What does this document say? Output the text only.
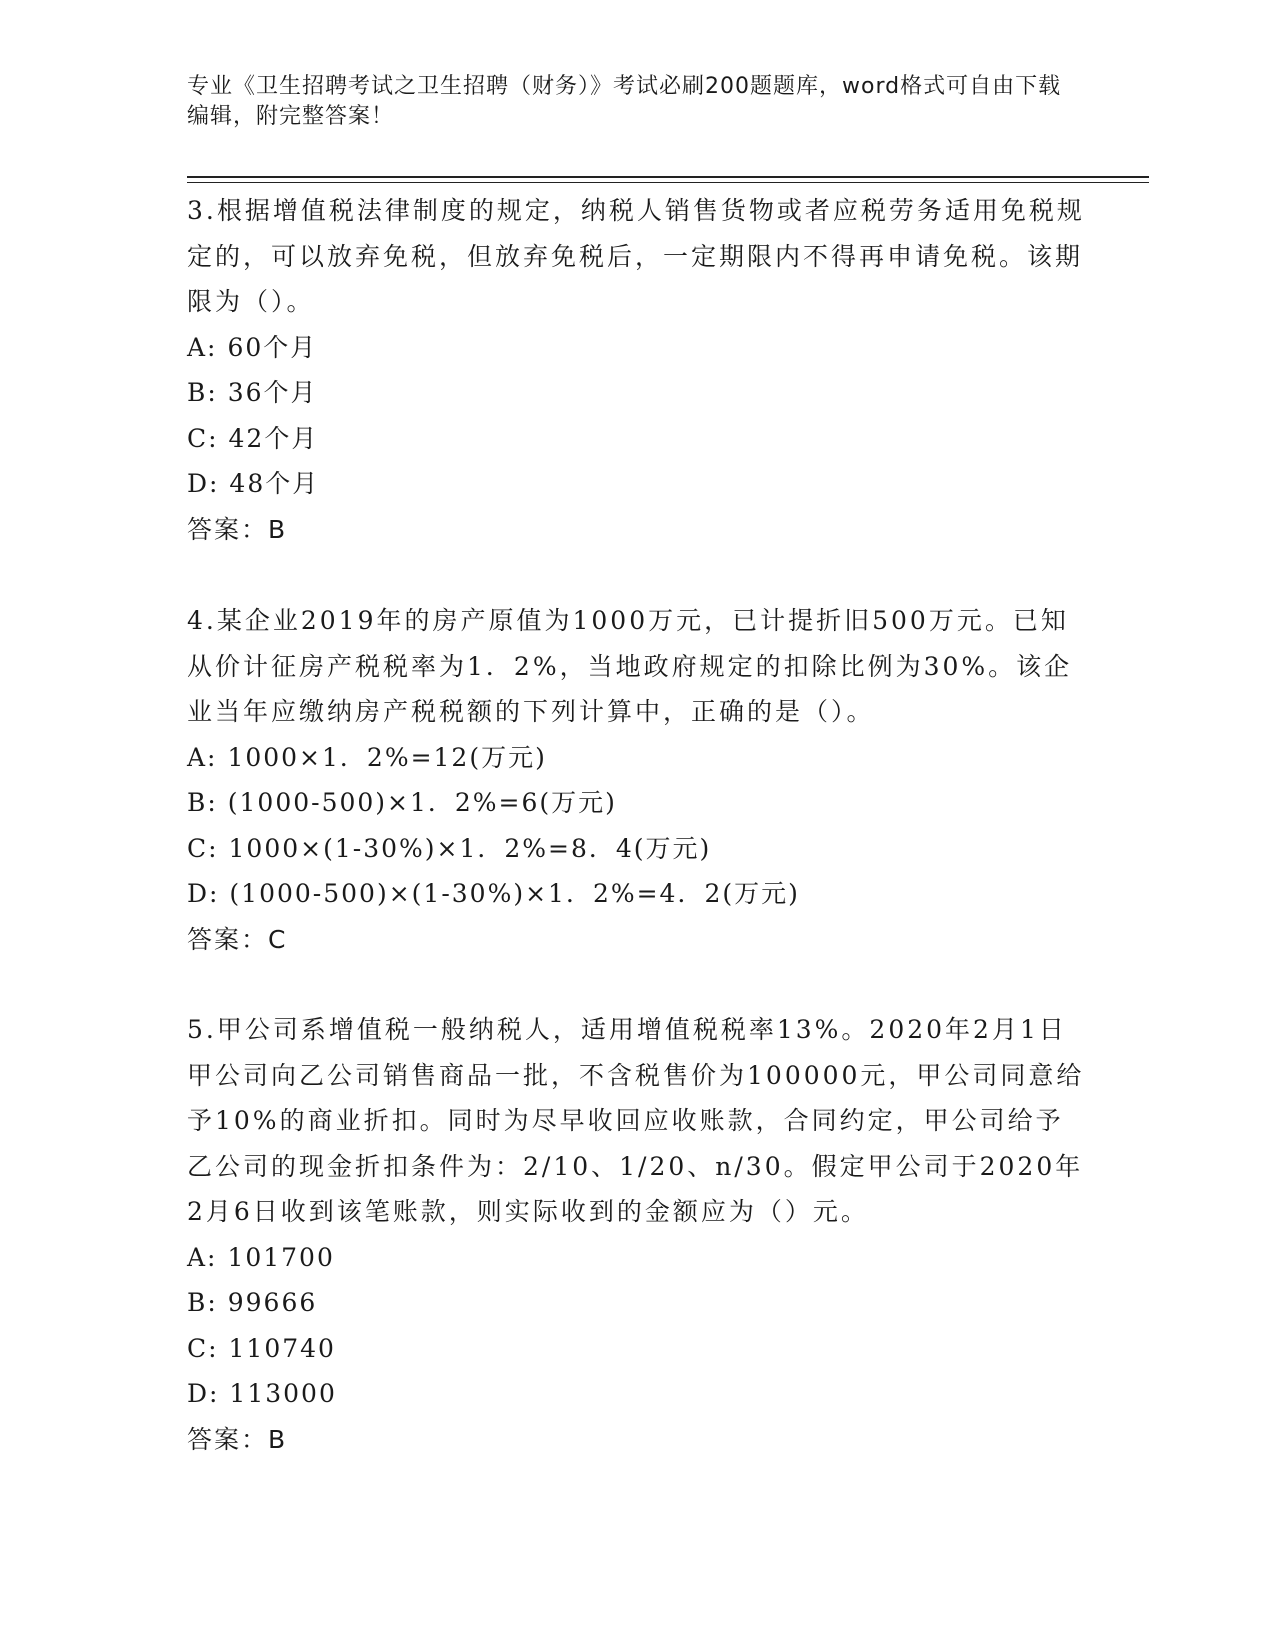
专业《卫生招聘考试之卫生招聘（财务）》考试必刷200题题库，word格式可自由下载编辑，附完整答案！

3.根据增值税法律制度的规定，纳税人销售货物或者应税劳务适用免税规定的，可以放弃免税，但放弃免税后，一定期限内不得再申请免税。该期限为（）。

A: 60个月

B: 36个月

C: 42个月

D: 48个月

答案：B

4.某企业2019年的房产原值为1000万元，已计提折旧500万元。已知从价计征房产税税率为1．2%，当地政府规定的扣除比例为30%。该企业当年应缴纳房产税税额的下列计算中，正确的是（）。

A: 1000×1．2%=12(万元)

B: (1000-500)×1．2%=6(万元)

C: 1000×(1-30%)×1．2%=8．4(万元)

D: (1000-500)×(1-30%)×1．2%=4．2(万元)

答案：C

5.甲公司系增值税一般纳税人，适用增值税税率13%。2020年2月1日甲公司向乙公司销售商品一批，不含税售价为100000元，甲公司同意给予10%的商业折扣。同时为尽早收回应收账款，合同约定，甲公司给予乙公司的现金折扣条件为：2/10、1/20、n/30。假定甲公司于2020年2月6日收到该笔账款，则实际收到的金额应为（）元。

A: 101700

B: 99666

C: 110740

D: 113000

答案：B
